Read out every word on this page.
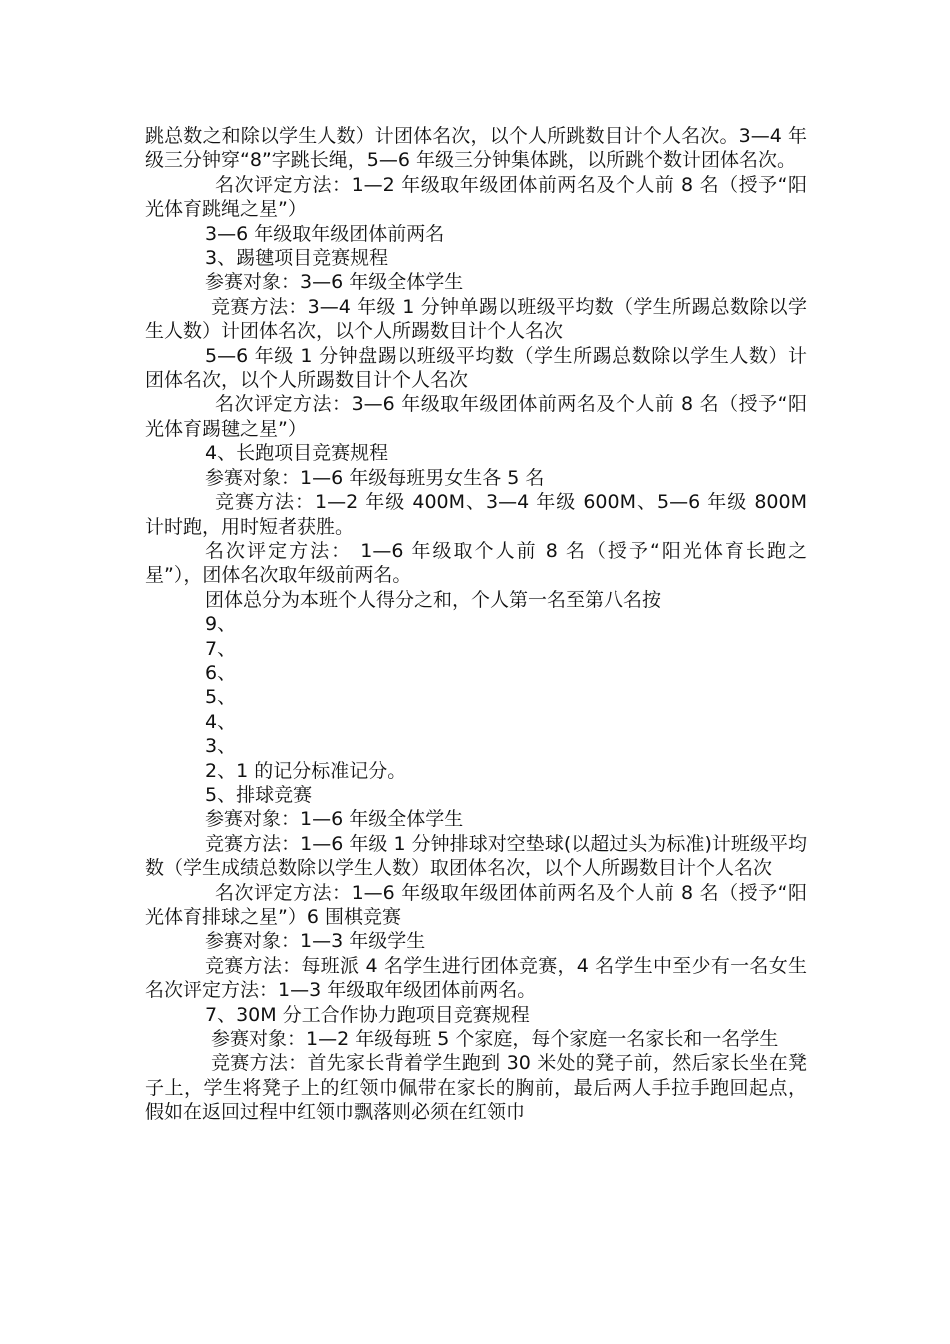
跳总数之和除以学生人数）计团体名次，以个人所跳数目计个人名次。3—4 年级三分钟穿“8”字跳长绳，5—6 年级三分钟集体跳，以所跳个数计团体名次。

名次评定方法：1—2 年级取年级团体前两名及个人前 8 名（授予“阳光体育跳绳之星”）

3—6 年级取年级团体前两名

3、踢毽项目竞赛规程

参赛对象：3—6 年级全体学生

竞赛方法：3—4 年级 1 分钟单踢以班级平均数（学生所踢总数除以学生人数）计团体名次，以个人所踢数目计个人名次

5—6 年级 1 分钟盘踢以班级平均数（学生所踢总数除以学生人数）计团体名次，以个人所踢数目计个人名次

名次评定方法：3—6 年级取年级团体前两名及个人前 8 名（授予“阳光体育踢毽之星”）

4、长跑项目竞赛规程

参赛对象：1—6 年级每班男女生各 5 名

竞赛方法：1—2 年级 400M、3—4 年级 600M、5—6 年级 800M 计时跑，用时短者获胜。

名次评定方法： 1—6 年级取个人前 8 名（授予“阳光体育长跑之星”），团体名次取年级前两名。

团体总分为本班个人得分之和，个人第一名至第八名按

9、

7、

6、

5、

4、

3、

2、1 的记分标准记分。

5、排球竞赛

参赛对象：1—6 年级全体学生

竞赛方法：1—6 年级 1 分钟排球对空垫球(以超过头为标准)计班级平均数（学生成绩总数除以学生人数）取团体名次，以个人所踢数目计个人名次

名次评定方法：1—6 年级取年级团体前两名及个人前 8 名（授予“阳光体育排球之星”）6 围棋竞赛

参赛对象：1—3 年级学生

竞赛方法：每班派 4 名学生进行团体竞赛，4 名学生中至少有一名女生 名次评定方法：1—3 年级取年级团体前两名。

7、30M 分工合作协力跑项目竞赛规程

参赛对象：1—2 年级每班 5 个家庭，每个家庭一名家长和一名学生

竞赛方法：首先家长背着学生跑到 30 米处的凳子前，然后家长坐在凳子上，学生将凳子上的红领巾佩带在家长的胸前，最后两人手拉手跑回起点，假如在返回过程中红领巾飘落则必须在红领巾
